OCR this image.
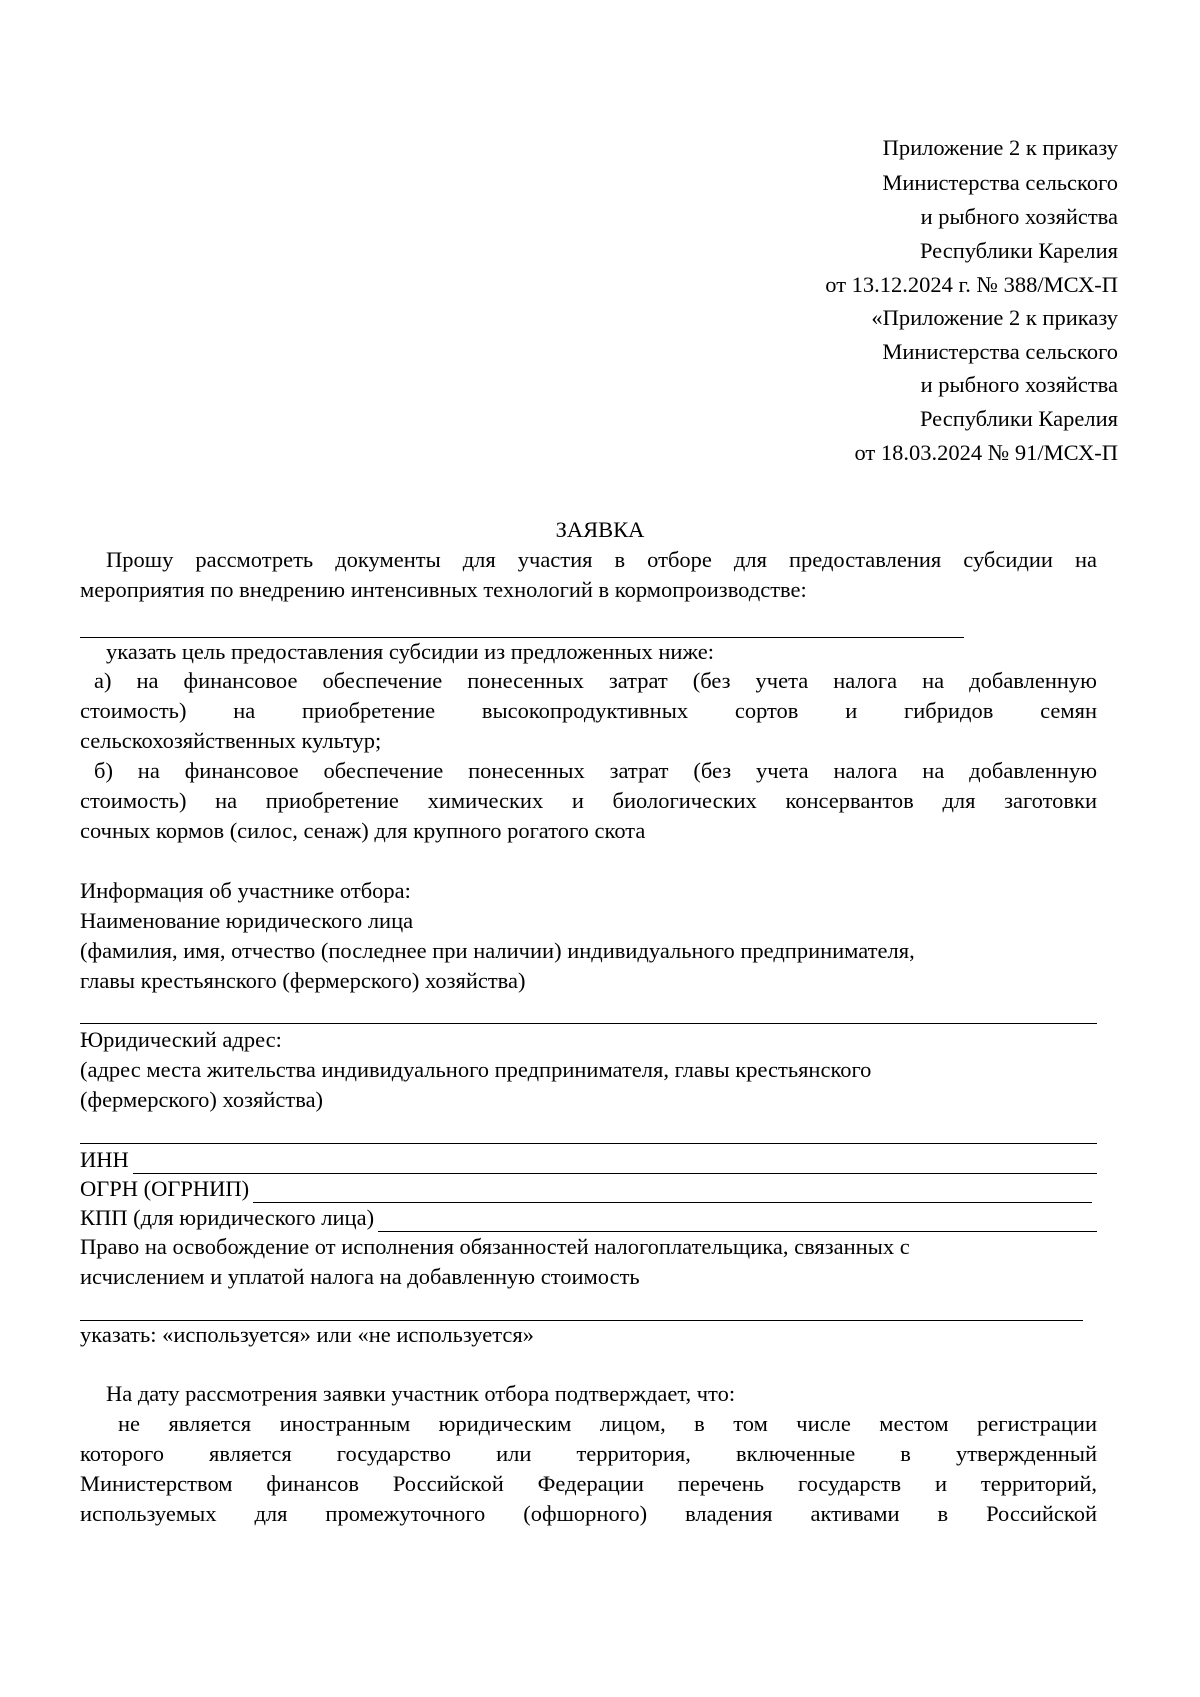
Приложение 2 к приказу
Министерства сельского
и рыбного хозяйства
Республики Карелия
от 13.12.2024 г. № 388/МСХ-П
«Приложение 2 к приказу
Министерства сельского
и рыбного хозяйства
Республики Карелия
от 18.03.2024 № 91/МСХ-П
ЗАЯВКА
Прошу рассмотреть документы для участия в отборе для предоставления субсидии на
мероприятия по внедрению интенсивных технологий в кормопроизводстве:
указать цель предоставления субсидии из предложенных ниже:
а) на финансовое обеспечение понесенных затрат (без учета налога на добавленную
стоимость) на приобретение высокопродуктивных сортов и гибридов семян
сельскохозяйственных культур;
б) на финансовое обеспечение понесенных затрат (без учета налога на добавленную
стоимость) на приобретение химических и биологических консервантов для заготовки
сочных кормов (силос, сенаж) для крупного рогатого скота
Информация об участнике отбора:
Наименование юридического лица
(фамилия, имя, отчество (последнее при наличии) индивидуального предпринимателя,
главы крестьянского (фермерского) хозяйства)
Юридический адрес:
(адрес места жительства индивидуального предпринимателя, главы крестьянского
(фермерского) хозяйства)
ИНН
ОГРН (ОГРНИП)
КПП (для юридического лица)
Право на освобождение от исполнения обязанностей налогоплательщика, связанных с
исчислением и уплатой налога на добавленную стоимость
указать: «используется» или «не используется»
На дату рассмотрения заявки участник отбора подтверждает, что:
не является иностранным юридическим лицом, в том числе местом регистрации
которого является государство или территория, включенные в утвержденный
Министерством финансов Российской Федерации перечень государств и территорий,
используемых для промежуточного (офшорного) владения активами в Российской
